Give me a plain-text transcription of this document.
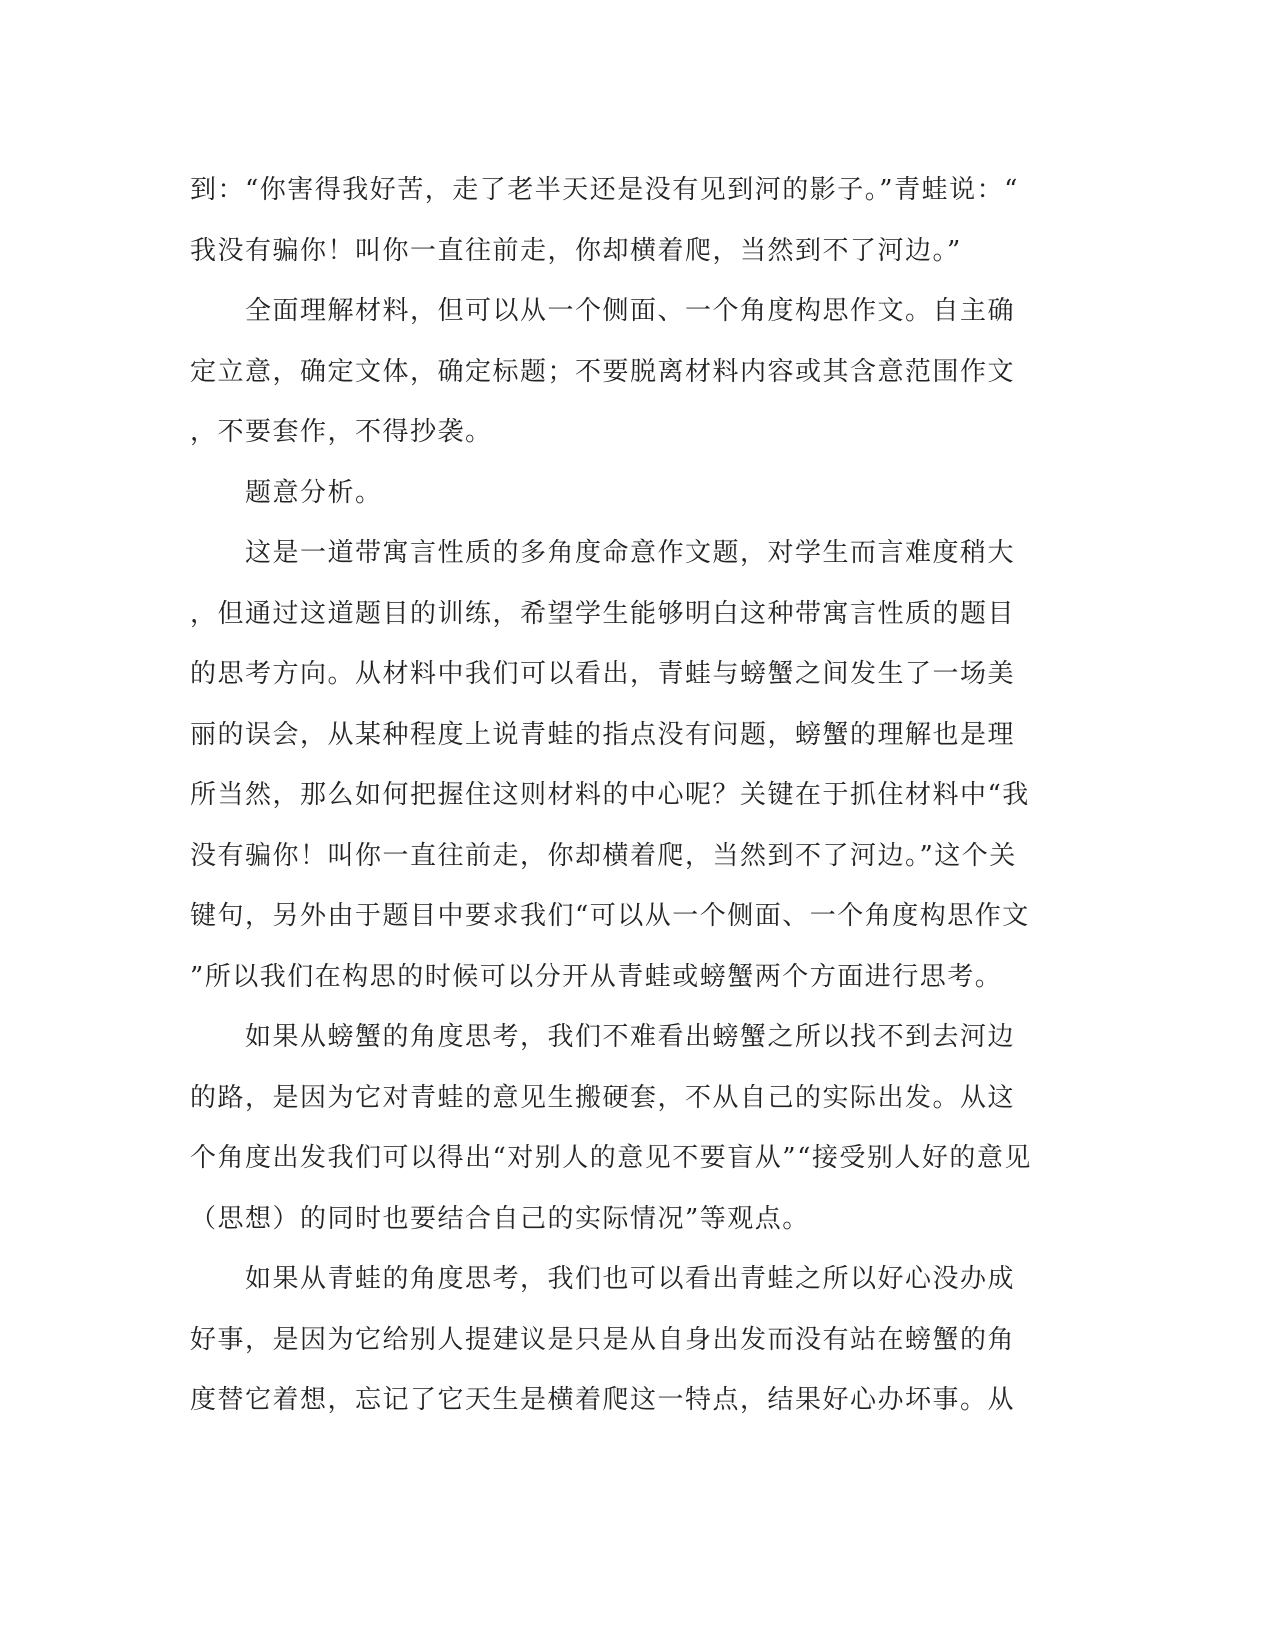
到：“你害得我好苦，走了老半天还是没有见到河的影子。”青蛙说：“
我没有骗你！叫你一直往前走，你却横着爬，当然到不了河边。”
　　全面理解材料，但可以从一个侧面、一个角度构思作文。自主确
定立意，确定文体，确定标题；不要脱离材料内容或其含意范围作文
，不要套作，不得抄袭。
　　题意分析。
　　这是一道带寓言性质的多角度命意作文题，对学生而言难度稍大
，但通过这道题目的训练，希望学生能够明白这种带寓言性质的题目
的思考方向。从材料中我们可以看出，青蛙与螃蟹之间发生了一场美
丽的误会，从某种程度上说青蛙的指点没有问题，螃蟹的理解也是理
所当然，那么如何把握住这则材料的中心呢？关键在于抓住材料中“我
没有骗你！叫你一直往前走，你却横着爬，当然到不了河边。”这个关
键句，另外由于题目中要求我们“可以从一个侧面、一个角度构思作文
”所以我们在构思的时候可以分开从青蛙或螃蟹两个方面进行思考。
　　如果从螃蟹的角度思考，我们不难看出螃蟹之所以找不到去河边
的路，是因为它对青蛙的意见生搬硬套，不从自己的实际出发。从这
个角度出发我们可以得出“对别人的意见不要盲从”“接受别人好的意见
（思想）的同时也要结合自己的实际情况”等观点。
　　如果从青蛙的角度思考，我们也可以看出青蛙之所以好心没办成
好事，是因为它给别人提建议是只是从自身出发而没有站在螃蟹的角
度替它着想，忘记了它天生是横着爬这一特点，结果好心办坏事。从
